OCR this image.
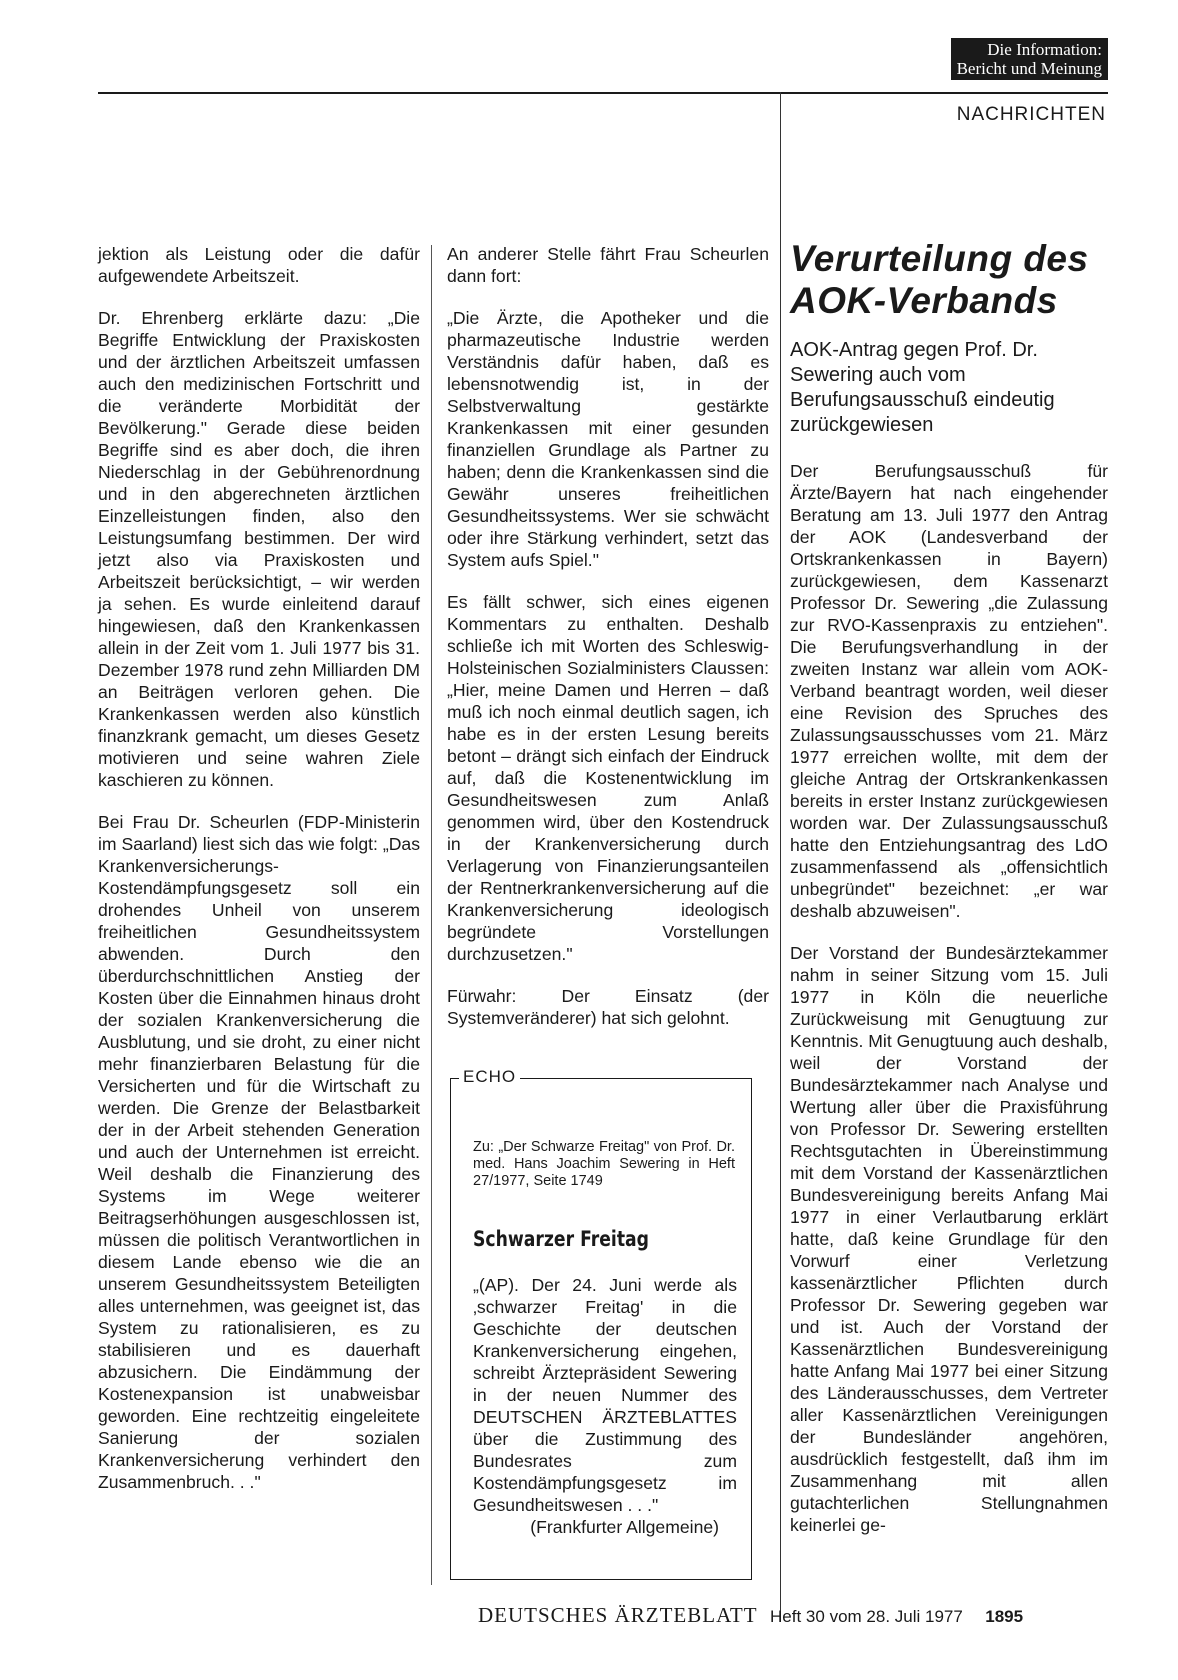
Die Information:
Bericht und Meinung
NACHRICHTEN

jektion als Leistung oder die dafür aufgewendete Arbeitszeit.

Dr. Ehrenberg erklärte dazu: „Die Begriffe Entwicklung der Praxiskosten und der ärztlichen Arbeitszeit umfassen auch den medizinischen Fortschritt und die veränderte Morbidität der Bevölkerung." Gerade diese beiden Begriffe sind es aber doch, die ihren Niederschlag in der Gebührenordnung und in den abgerechneten ärztlichen Einzelleistungen finden, also den Leistungsumfang bestimmen. Der wird jetzt also via Praxiskosten und Arbeitszeit berücksichtigt, – wir werden ja sehen. Es wurde einleitend darauf hingewiesen, daß den Krankenkassen allein in der Zeit vom 1. Juli 1977 bis 31. Dezember 1978 rund zehn Milliarden DM an Beiträgen verloren gehen. Die Krankenkassen werden also künstlich finanzkrank gemacht, um dieses Gesetz motivieren und seine wahren Ziele kaschieren zu können.

Bei Frau Dr. Scheurlen (FDP-Ministerin im Saarland) liest sich das wie folgt: „Das Krankenversicherungs-Kostendämpfungsgesetz soll ein drohendes Unheil von unserem freiheitlichen Gesundheitssystem abwenden. Durch den überdurchschnittlichen Anstieg der Kosten über die Einnahmen hinaus droht der sozialen Krankenversicherung die Ausblutung, und sie droht, zu einer nicht mehr finanzierbaren Belastung für die Versicherten und für die Wirtschaft zu werden. Die Grenze der Belastbarkeit der in der Arbeit stehenden Generation und auch der Unternehmen ist erreicht. Weil deshalb die Finanzierung des Systems im Wege weiterer Beitragserhöhungen ausgeschlossen ist, müssen die politisch Verantwortlichen in diesem Lande ebenso wie die an unserem Gesundheitssystem Beteiligten alles unternehmen, was geeignet ist, das System zu rationalisieren, es zu stabilisieren und es dauerhaft abzusichern. Die Eindämmung der Kostenexpansion ist unabweisbar geworden. Eine rechtzeitig eingeleitete Sanierung der sozialen Krankenversicherung verhindert den Zusammenbruch. . ."

An anderer Stelle fährt Frau Scheurlen dann fort:

„Die Ärzte, die Apotheker und die pharmazeutische Industrie werden Verständnis dafür haben, daß es lebensnotwendig ist, in der Selbstverwaltung gestärkte Krankenkassen mit einer gesunden finanziellen Grundlage als Partner zu haben; denn die Krankenkassen sind die Gewähr unseres freiheitlichen Gesundheitssystems. Wer sie schwächt oder ihre Stärkung verhindert, setzt das System aufs Spiel."

Es fällt schwer, sich eines eigenen Kommentars zu enthalten. Deshalb schließe ich mit Worten des Schleswig-Holsteinischen Sozialministers Claussen: „Hier, meine Damen und Herren – daß muß ich noch einmal deutlich sagen, ich habe es in der ersten Lesung bereits betont – drängt sich einfach der Eindruck auf, daß die Kostenentwicklung im Gesundheitswesen zum Anlaß genommen wird, über den Kostendruck in der Krankenversicherung durch Verlagerung von Finanzierungsanteilen der Rentnerkrankenversicherung auf die Krankenversicherung ideologisch begründete Vorstellungen durchzusetzen."

Fürwahr: Der Einsatz (der Systemveränderer) hat sich gelohnt.

ECHO
Zu: „Der Schwarze Freitag" von Prof. Dr. med. Hans Joachim Sewering in Heft 27/1977, Seite 1749
Schwarzer Freitag
„(AP). Der 24. Juni werde als ‚schwarzer Freitag' in die Geschichte der deutschen Krankenversicherung eingehen, schreibt Ärztepräsident Sewering in der neuen Nummer des DEUTSCHEN ÄRZTEBLATTES über die Zustimmung des Bundesrates zum Kostendämpfungsgesetz im Gesundheitswesen . . ."
(Frankfurter Allgemeine)
Verurteilung des
AOK-Verbands
AOK-Antrag gegen Prof. Dr. Sewering auch vom Berufungsausschuß eindeutig zurückgewiesen

Der Berufungsausschuß für Ärzte/Bayern hat nach eingehender Beratung am 13. Juli 1977 den Antrag der AOK (Landesverband der Ortskrankenkassen in Bayern) zurückgewiesen, dem Kassenarzt Professor Dr. Sewering „die Zulassung zur RVO-Kassenpraxis zu entziehen". Die Berufungsverhandlung in der zweiten Instanz war allein vom AOK-Verband beantragt worden, weil dieser eine Revision des Spruches des Zulassungsausschusses vom 21. März 1977 erreichen wollte, mit dem der gleiche Antrag der Ortskrankenkassen bereits in erster Instanz zurückgewiesen worden war. Der Zulassungsausschuß hatte den Entziehungsantrag des LdO zusammenfassend als „offensichtlich unbegründet" bezeichnet: „er war deshalb abzuweisen".

Der Vorstand der Bundesärztekammer nahm in seiner Sitzung vom 15. Juli 1977 in Köln die neuerliche Zurückweisung mit Genugtuung zur Kenntnis. Mit Genugtuung auch deshalb, weil der Vorstand der Bundesärztekammer nach Analyse und Wertung aller über die Praxisführung von Professor Dr. Sewering erstellten Rechtsgutachten in Übereinstimmung mit dem Vorstand der Kassenärztlichen Bundesvereinigung bereits Anfang Mai 1977 in einer Verlautbarung erklärt hatte, daß keine Grundlage für den Vorwurf einer Verletzung kassenärztlicher Pflichten durch Professor Dr. Sewering gegeben war und ist. Auch der Vorstand der Kassenärztlichen Bundesvereinigung hatte Anfang Mai 1977 bei einer Sitzung des Länderausschusses, dem Vertreter aller Kassenärztlichen Vereinigungen der Bundesländer angehören, ausdrücklich festgestellt, daß ihm im Zusammenhang mit allen gutachterlichen Stellungnahmen keinerlei ge-

DEUTSCHES ÄRZTEBLATT Heft 30 vom 28. Juli 1977 1895
